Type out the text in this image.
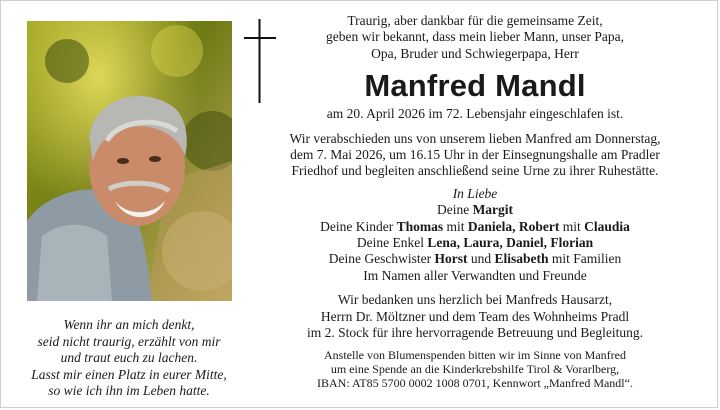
Wenn ihr an mich denkt,
seid nicht traurig, erzählt von mir
und traut euch zu lachen.
Lasst mir einen Platz in eurer Mitte,
so wie ich ihn im Leben hatte.
Traurig, aber dankbar für die gemeinsame Zeit,
geben wir bekannt, dass mein lieber Mann, unser Papa,
Opa, Bruder und Schwiegerpapa, Herr
Manfred Mandl
am 20. April 2026 im 72. Lebensjahr eingeschlafen ist.
Wir verabschieden uns von unserem lieben Manfred am Donnerstag,
dem 7. Mai 2026, um 16.15 Uhr in der Einsegnungshalle am Pradler
Friedhof und begleiten anschließend seine Urne zu ihrer Ruhestätte.
In Liebe
Deine Margit
Deine Kinder Thomas mit Daniela, Robert mit Claudia
Deine Enkel Lena, Laura, Daniel, Florian
Deine Geschwister Horst und Elisabeth mit Familien
Im Namen aller Verwandten und Freunde
Wir bedanken uns herzlich bei Manfreds Hausarzt,
Herrn Dr. Möltzner und dem Team des Wohnheims Pradl
im 2. Stock für ihre hervorragende Betreuung und Begleitung.
Anstelle von Blumenspenden bitten wir im Sinne von Manfred
um eine Spende an die Kinderkrebshilfe Tirol & Vorarlberg,
IBAN: AT85 5700 0002 1008 0701, Kennwort „Manfred Mandl“.
